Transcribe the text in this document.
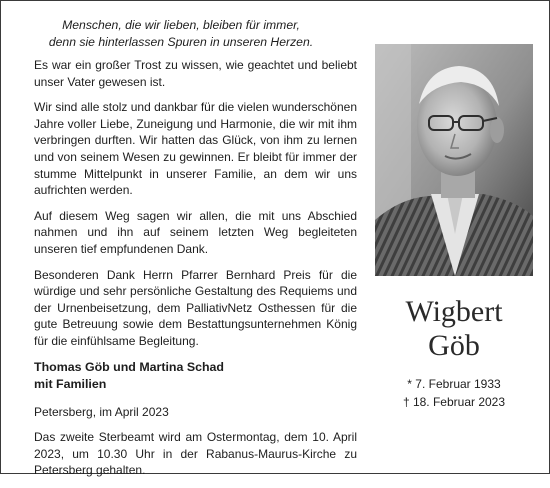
Menschen, die wir lieben, bleiben für immer,
denn sie hinterlassen Spuren in unseren Herzen.

Es war ein großer Trost zu wissen, wie geachtet und beliebt unser Vater gewesen ist.

Wir sind alle stolz und dankbar für die vielen wunderschönen Jahre voller Liebe, Zuneigung und Harmonie, die wir mit ihm verbringen durften. Wir hatten das Glück, von ihm zu lernen und von seinem Wesen zu gewinnen. Er bleibt für immer der stumme Mittelpunkt in unserer Familie, an dem wir uns aufrichten werden.

Auf diesem Weg sagen wir allen, die mit uns Abschied nahmen und ihn auf seinem letzten Weg begleiteten unseren tief empfundenen Dank.

Besonderen Dank Herrn Pfarrer Bernhard Preis für die würdige und sehr persönliche Gestaltung des Requiems und der Urnenbeisetzung, dem PalliativNetz Osthessen für die gute Betreuung sowie dem Bestattungsunternehmen König für die einfühlsame Begleitung.

Thomas Göb und Martina Schad
mit Familien

Petersberg, im April 2023

Das zweite Sterbeamt wird am Ostermontag, dem 10. April 2023, um 10.30 Uhr in der Rabanus-Maurus-Kirche zu Petersberg gehalten.

Wigbert
Göb
* 7. Februar 1933
† 18. Februar 2023
